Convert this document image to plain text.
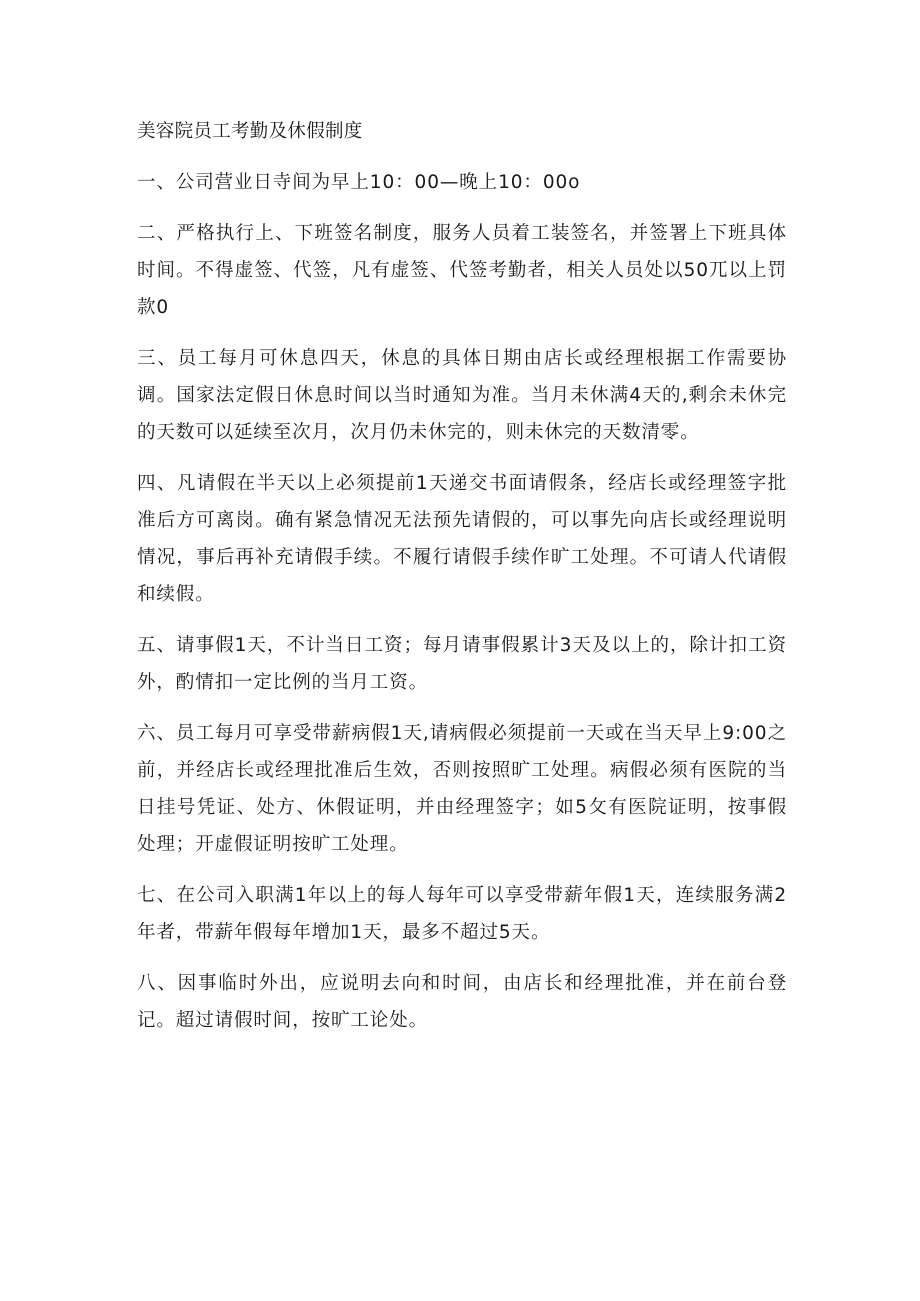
美容院员工考勤及休假制度

一、公司营业日寺间为早上10：00—晚上10：00o

二、严格执行上、下班签名制度，服务人员着工装签名，并签署上下班具体时间。不得虚签、代签，凡有虚签、代签考勤者，相关人员处以50兀以上罚款0

三、员工每月可休息四天，休息的具体日期由店长或经理根据工作需要协调。国家法定假日休息时间以当时通知为准。当月未休满4天的,剩余未休完的天数可以延续至次月，次月仍未休完的，则未休完的天数清零。

四、凡请假在半天以上必须提前1天递交书面请假条，经店长或经理签字批准后方可离岗。确有紧急情况无法预先请假的，可以事先向店长或经理说明情况，事后再补充请假手续。不履行请假手续作旷工处理。不可请人代请假和续假。

五、请事假1天，不计当日工资；每月请事假累计3天及以上的，除计扣工资外，酌情扣一定比例的当月工资。

六、员工每月可享受带薪病假1天,请病假必须提前一天或在当天早上9:00之前，并经店长或经理批准后生效，否则按照旷工处理。病假必须有医院的当日挂号凭证、处方、休假证明，并由经理签字；如5攵有医院证明，按事假处理；开虚假证明按旷工处理。

七、在公司入职满1年以上的每人每年可以享受带薪年假1天，连续服务满2年者，带薪年假每年增加1天，最多不超过5天。

八、因事临时外出，应说明去向和时间，由店长和经理批准，并在前台登记。超过请假时间，按旷工论处。
